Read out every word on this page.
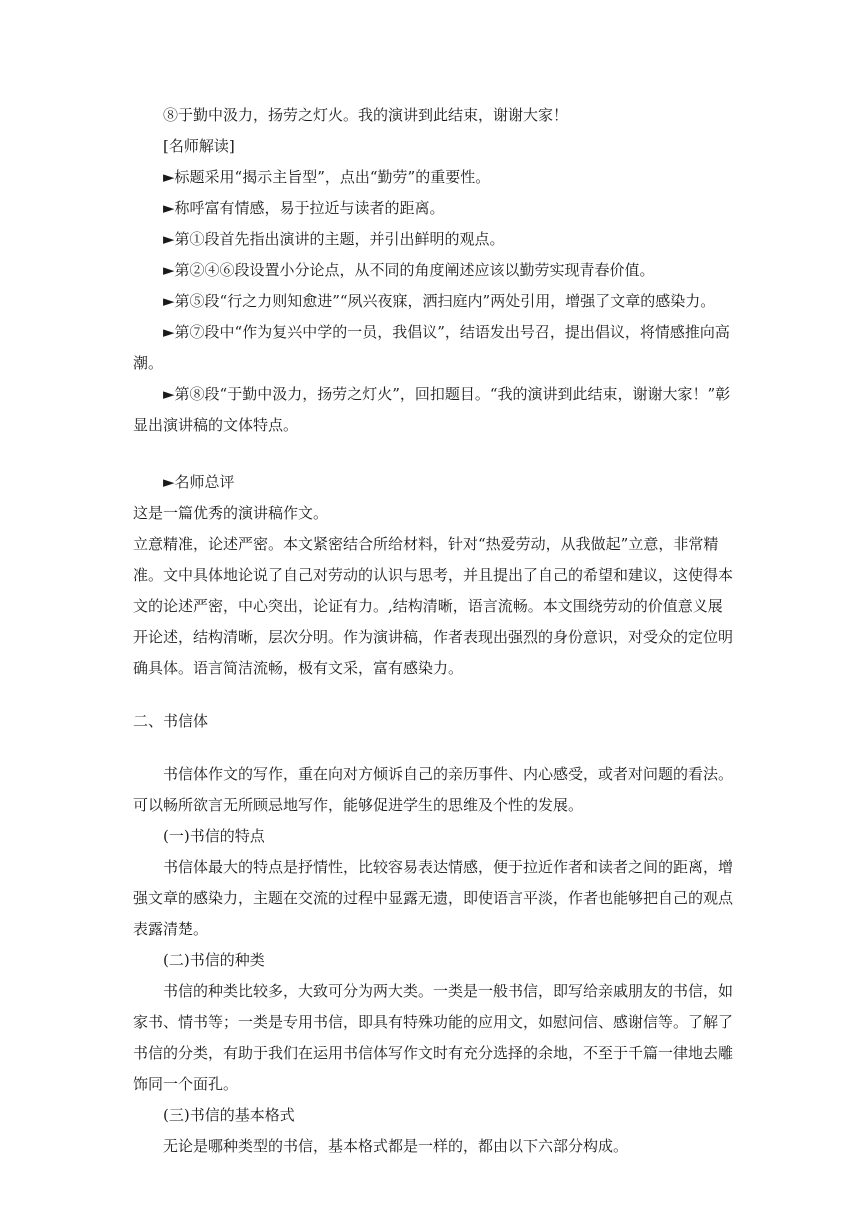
⑧于勤中汲力，扬劳之灯火。我的演讲到此结束，谢谢大家！

[名师解读]

►标题采用“揭示主旨型”，点出“勤劳”的重要性。

►称呼富有情感，易于拉近与读者的距离。

►第①段首先指出演讲的主题，并引出鲜明的观点。

►第②④⑥段设置小分论点，从不同的角度阐述应该以勤劳实现青春价值。

►第⑤段“行之力则知愈进”“夙兴夜寐，洒扫庭内”两处引用，增强了文章的感染力。

►第⑦段中“作为复兴中学的一员，我倡议”，结语发出号召，提出倡议，将情感推向高潮。

►第⑧段“于勤中汲力，扬劳之灯火”，回扣题目。“我的演讲到此结束，谢谢大家！”彰显出演讲稿的文体特点。

►名师总评

这是一篇优秀的演讲稿作文。

立意精准，论述严密。本文紧密结合所给材料，针对“热爱劳动，从我做起”立意，非常精准。文中具体地论说了自己对劳动的认识与思考，并且提出了自己的希望和建议，这使得本文的论述严密，中心突出，论证有力。,结构清晰，语言流畅。本文围绕劳动的价值意义展开论述，结构清晰，层次分明。作为演讲稿，作者表现出强烈的身份意识，对受众的定位明确具体。语言简洁流畅，极有文采，富有感染力。

二、书信体

书信体作文的写作，重在向对方倾诉自己的亲历事件、内心感受，或者对问题的看法。可以畅所欲言无所顾忌地写作，能够促进学生的思维及个性的发展。

(一)书信的特点

书信体最大的特点是抒情性，比较容易表达情感，便于拉近作者和读者之间的距离，增强文章的感染力，主题在交流的过程中显露无遗，即使语言平淡，作者也能够把自己的观点表露清楚。

(二)书信的种类

书信的种类比较多，大致可分为两大类。一类是一般书信，即写给亲戚朋友的书信，如家书、情书等；一类是专用书信，即具有特殊功能的应用文，如慰问信、感谢信等。了解了书信的分类，有助于我们在运用书信体写作文时有充分选择的余地，不至于千篇一律地去雕饰同一个面孔。

(三)书信的基本格式

无论是哪种类型的书信，基本格式都是一样的，都由以下六部分构成。
